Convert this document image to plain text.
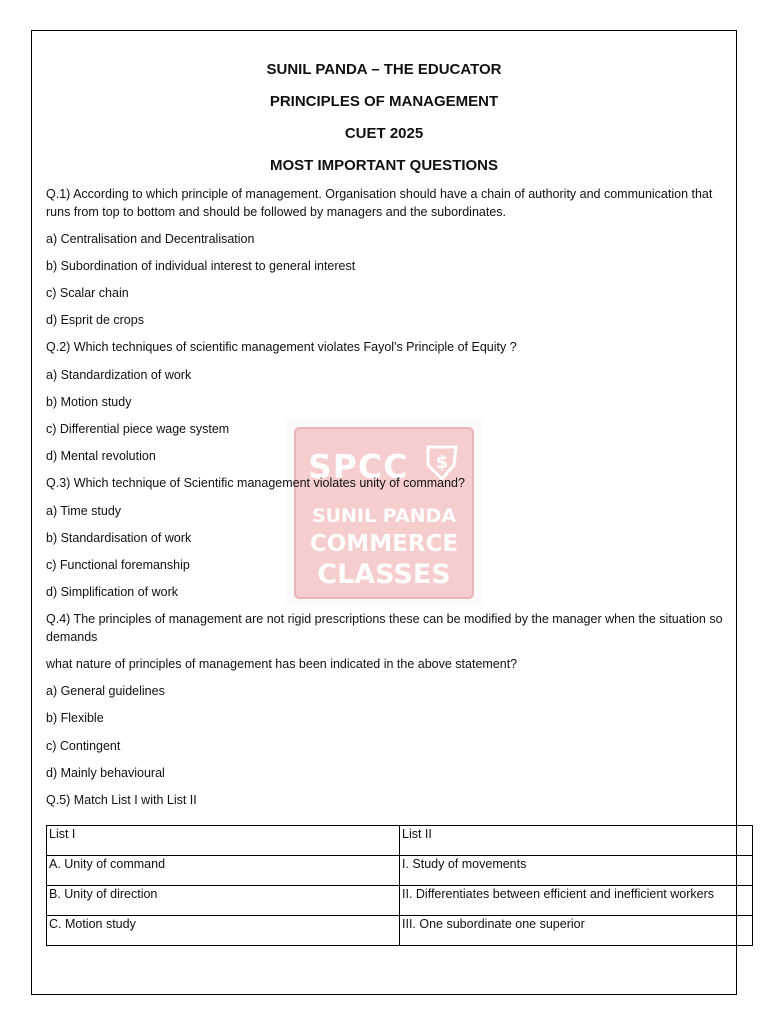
SUNIL PANDA – THE EDUCATOR
PRINCIPLES OF MANAGEMENT
CUET 2025
MOST IMPORTANT QUESTIONS
SPCC $
SUNIL PANDA
COMMERCE
CLASSES
Q.1) According to which principle of management. Organisation should have a chain of authority and communication that runs from top to bottom and should be followed by managers and the subordinates.
a) Centralisation and Decentralisation
b) Subordination of individual interest to general interest
c) Scalar chain
d) Esprit de crops
Q.2) Which techniques of scientific management violates Fayol's Principle of Equity ?
a) Standardization of work
b) Motion study
c) Differential piece wage system
d) Mental revolution
Q.3) Which technique of Scientific management violates unity of command?
a) Time study
b) Standardisation of work
c) Functional foremanship
d) Simplification of work
Q.4) The principles of management are not rigid prescriptions these can be modified by the manager when the situation so demands
what nature of principles of management has been indicated in the above statement?
a) General guidelines
b) Flexible
c) Contingent
d) Mainly behavioural
Q.5) Match List I with List II
List I	List II
A. Unity of command	I. Study of movements
B. Unity of direction	II. Differentiates between efficient and inefficient workers
C. Motion study	III. One subordinate one superior
